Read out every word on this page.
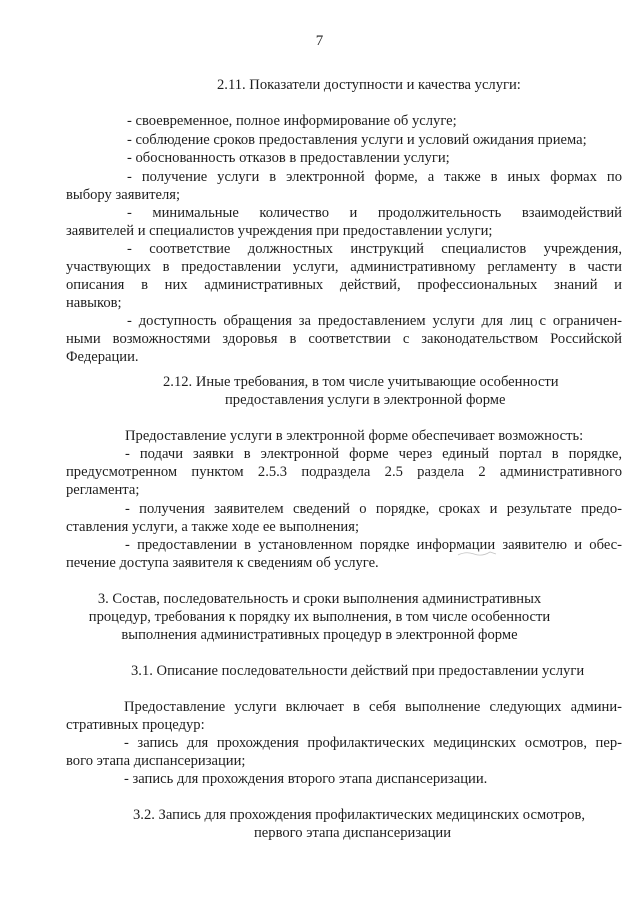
7
2.11. Показатели доступности и качества услуги:
- своевременное, полное информирование об услуге;
- соблюдение сроков предоставления услуги и условий ожидания приема;
- обоснованность отказов в предоставлении услуги;
- получение услуги в электронной форме, а также в иных формах по
выбору заявителя;
- минимальные количество и продолжительность взаимодействий
заявителей и специалистов учреждения при предоставлении услуги;
- соответствие должностных инструкций специалистов учреждения,
участвующих в предоставлении услуги, административному регламенту в части
описания в них административных действий, профессиональных знаний и
навыков;
- доступность обращения за предоставлением услуги для лиц с ограничен-
ными возможностями здоровья в соответствии с законодательством Российской
Федерации.
2.12. Иные требования, в том числе учитывающие особенности
предоставления услуги в электронной форме
Предоставление услуги в электронной форме обеспечивает возможность:
- подачи заявки в электронной форме через единый портал в порядке,
предусмотренном пунктом 2.5.3 подраздела 2.5 раздела 2 административного
регламента;
- получения заявителем сведений о порядке, сроках и результате предо-
ставления услуги, а также ходе ее выполнения;
- предоставлении в установленном порядке информации заявителю и обес-
печение доступа заявителя к сведениям об услуге.
3. Состав, последовательность и сроки выполнения административных
процедур, требования к порядку их выполнения, в том числе особенности
выполнения административных процедур в электронной форме
3.1. Описание последовательности действий при предоставлении услуги
Предоставление услуги включает в себя выполнение следующих админи-
стративных процедур:
- запись для прохождения профилактических медицинских осмотров, пер-
вого этапа диспансеризации;
- запись для прохождения второго этапа диспансеризации.
3.2. Запись для прохождения профилактических медицинских осмотров,
первого этапа диспансеризации
